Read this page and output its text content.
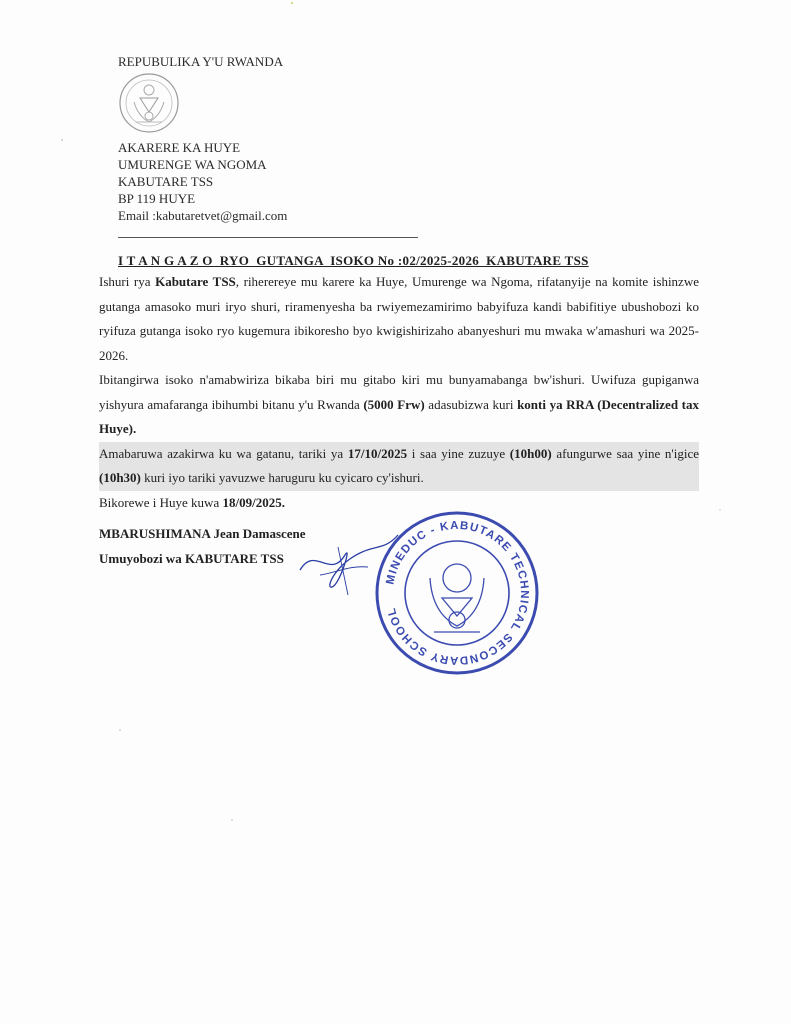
REPUBULIKA Y'U RWANDA
AKARERE KA HUYE
UMURENGE WA NGOMA
KABUTARE TSS
BP 119 HUYE
Email :kabutaretvet@gmail.com
I T A N G A Z O  RYO  GUTANGA  ISOKO No :02/2025-2026  KABUTARE TSS
Ishuri rya Kabutare TSS, riherereye mu karere ka Huye, Umurenge wa Ngoma, rifatanyije na komite ishinzwe gutanga amasoko muri iryo shuri, riramenyesha ba rwiyemezamirimo babyifuza kandi babifitiye ubushobozi ko ryifuza gutanga isoko ryo kugemura ibikoresho byo kwigishirizaho abanyeshuri mu mwaka w'amashuri wa 2025-2026.
Ibitangirwa isoko n'amabwiriza bikaba biri mu gitabo kiri mu bunyamabanga bw'ishuri. Uwifuza gupiganwa yishyura amafaranga ibihumbi bitanu y'u Rwanda (5000 Frw) adasubizwa kuri konti ya RRA (Decentralized tax Huye).
Amabaruwa azakirwa ku wa gatanu, tariki ya 17/10/2025 i saa yine zuzuye (10h00) afungurwe saa yine n'igice (10h30) kuri iyo tariki yavuzwe haruguru ku cyicaro cy'ishuri.
Bikorewe i Huye kuwa 18/09/2025.
MBARUSHIMANA Jean Damascene
Umuyobozi wa KABUTARE TSS
MINEDUC - KABUTARE TECHNICAL SECONDARY SCHOOL
